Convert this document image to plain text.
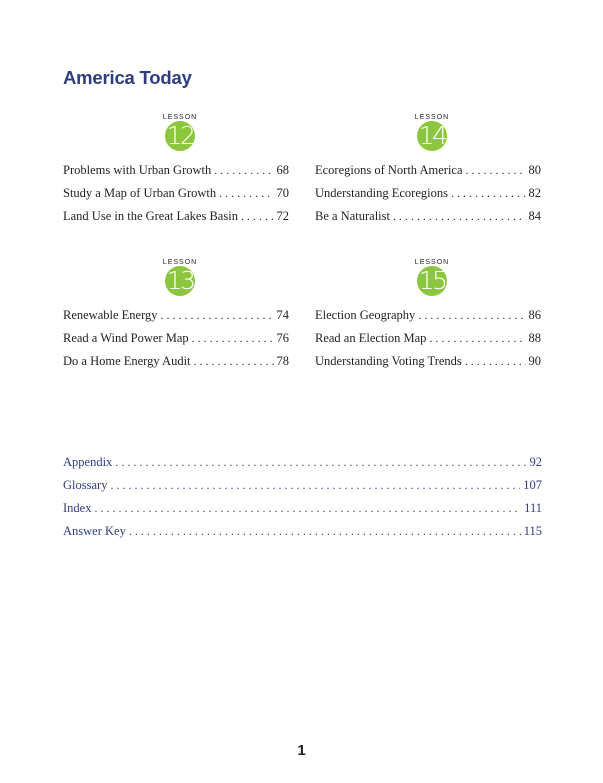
America Today
LESSON
12
Problems with Urban Growth . . .	68
Study a Map of Urban Growth . . .	70
Land Use in the Great Lakes Basin . . .	72
LESSON
14
Ecoregions of North America . . .	80
Understanding Ecoregions . . .	82
Be a Naturalist . . .	84
LESSON
13
Renewable Energy . . .	74
Read a Wind Power Map . . .	76
Do a Home Energy Audit . . .	78
LESSON
15
Election Geography . . .	86
Read an Election Map . . .	88
Understanding Voting Trends . . .	90
Appendix . . .	92
Glossary . . .	107
Index . . .	111
Answer Key . . .	115
1
